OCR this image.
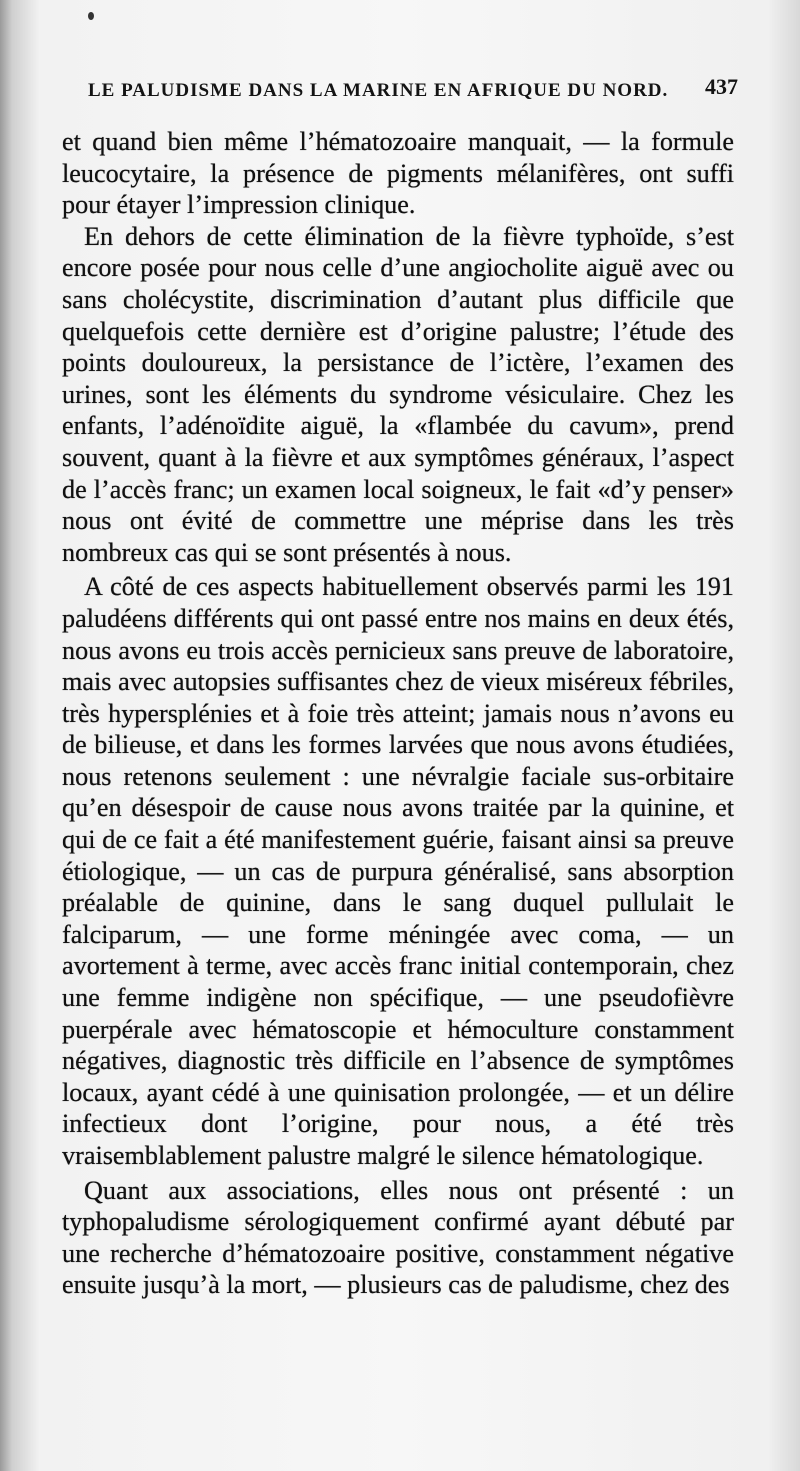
LE PALUDISME DANS LA MARINE EN AFRIQUE DU NORD. 437

et quand bien même l’hématozoaire manquait, — la formule leucocytaire, la présence de pigments mélanifères, ont suffi pour étayer l’impression clinique.

En dehors de cette élimination de la fièvre typhoïde, s’est encore posée pour nous celle d’une angiocholite aiguë avec ou sans cholécystite, discrimination d’autant plus difficile que quelquefois cette dernière est d’origine palustre; l’étude des points douloureux, la persistance de l’ictère, l’examen des urines, sont les éléments du syndrome vésiculaire. Chez les enfants, l’adénoïdite aiguë, la «flambée du cavum», prend souvent, quant à la fièvre et aux symptômes généraux, l’aspect de l’accès franc; un examen local soigneux, le fait «d’y penser» nous ont évité de commettre une méprise dans les très nombreux cas qui se sont présentés à nous.

A côté de ces aspects habituellement observés parmi les 191 paludéens différents qui ont passé entre nos mains en deux étés, nous avons eu trois accès pernicieux sans preuve de laboratoire, mais avec autopsies suffisantes chez de vieux miséreux fébriles, très hypersplénies et à foie très atteint; jamais nous n’avons eu de bilieuse, et dans les formes larvées que nous avons étudiées, nous retenons seulement : une névralgie faciale sus-orbitaire qu’en désespoir de cause nous avons traitée par la quinine, et qui de ce fait a été manifestement guérie, faisant ainsi sa preuve étiologique, — un cas de purpura généralisé, sans absorption préalable de quinine, dans le sang duquel pullulait le falciparum, — une forme méningée avec coma, — un avortement à terme, avec accès franc initial contemporain, chez une femme indigène non spécifique, — une pseudofièvre puerpérale avec hématoscopie et hémoculture constamment négatives, diagnostic très difficile en l’absence de symptômes locaux, ayant cédé à une quinisation prolongée, — et un délire infectieux dont l’origine, pour nous, a été très vraisemblablement palustre malgré le silence hématologique.

Quant aux associations, elles nous ont présenté : un typhopaludisme sérologiquement confirmé ayant débuté par une recherche d’hématozoaire positive, constamment négative ensuite jusqu’à la mort, — plusieurs cas de paludisme, chez des
